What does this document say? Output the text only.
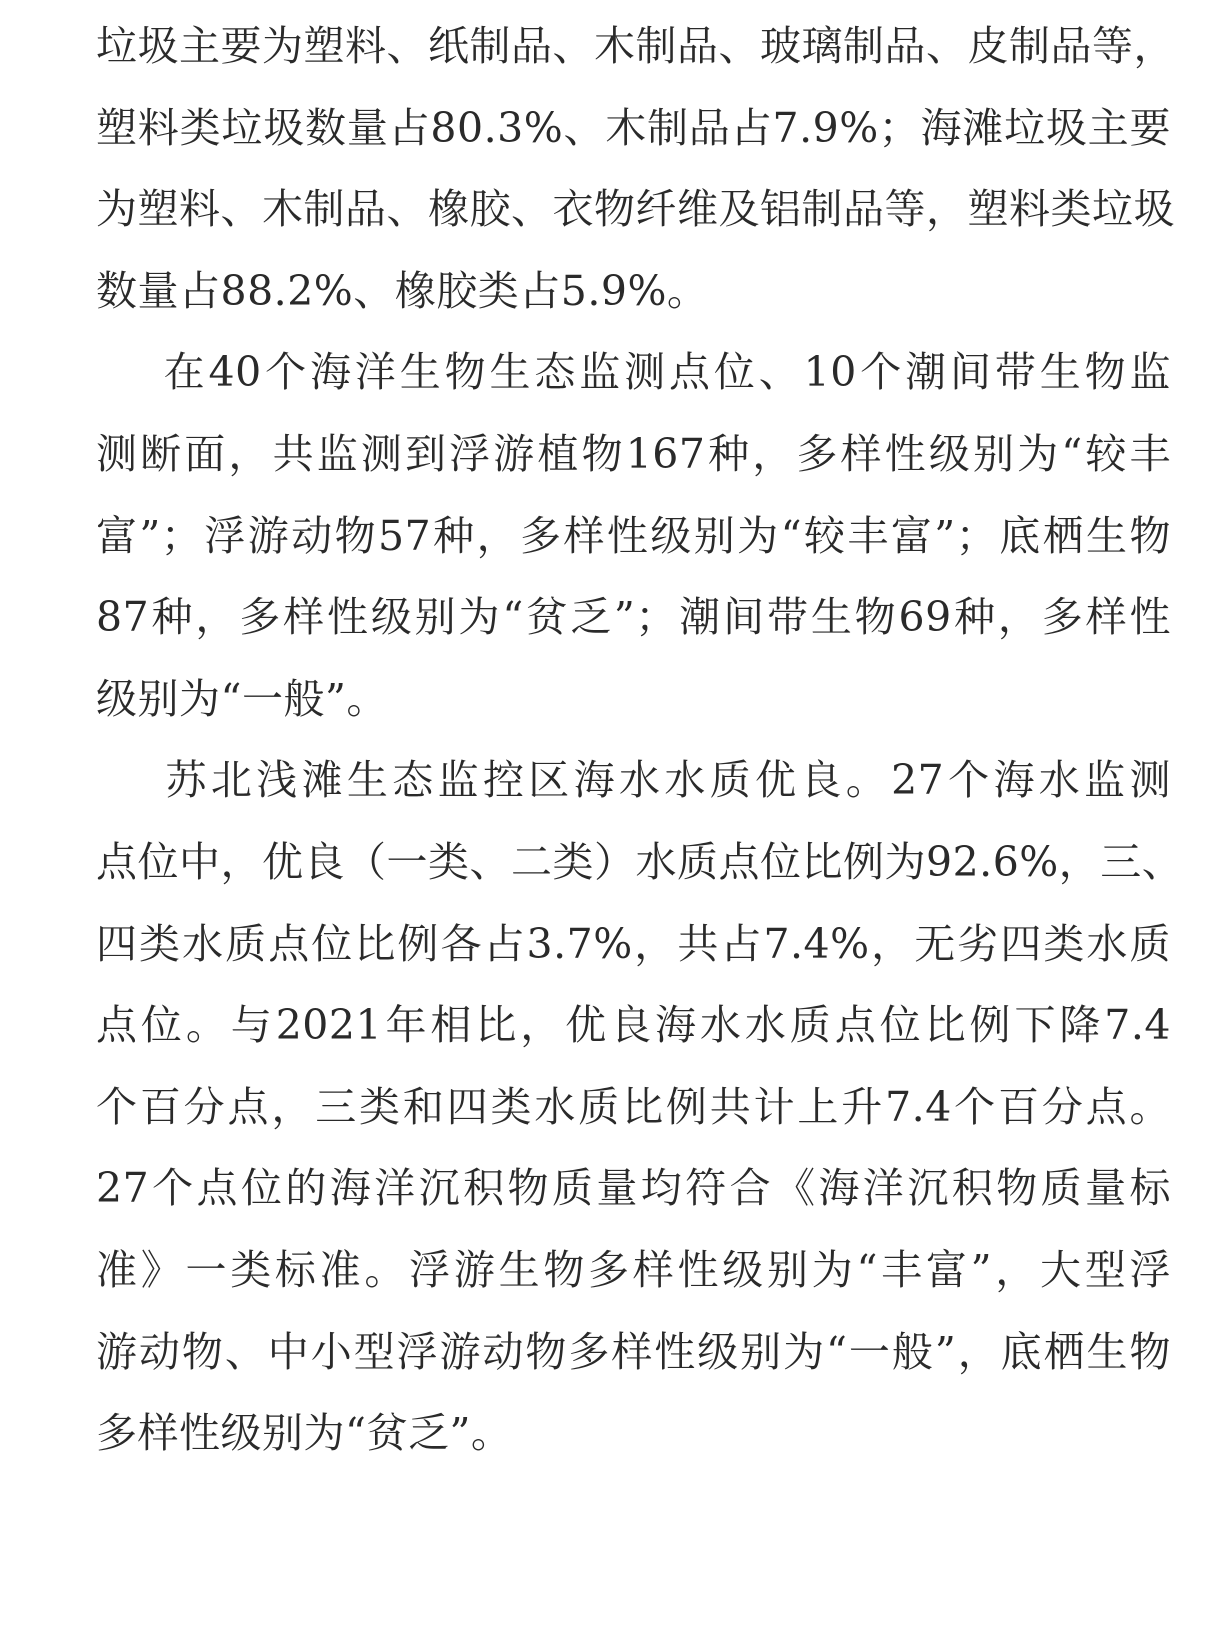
垃圾主要为塑料、纸制品、木制品、玻璃制品、皮制品等，
塑料类垃圾数量占80.3%、木制品占7.9%；海滩垃圾主要
为塑料、木制品、橡胶、衣物纤维及铝制品等，塑料类垃圾
数量占88.2%、橡胶类占5.9%。
在40个海洋生物生态监测点位、10个潮间带生物监
测断面，共监测到浮游植物167种，多样性级别为“较丰
富”；浮游动物57种，多样性级别为“较丰富”；底栖生物
87种，多样性级别为“贫乏”；潮间带生物69种，多样性
级别为“一般”。
苏北浅滩生态监控区海水水质优良。27个海水监测
点位中，优良（一类、二类）水质点位比例为92.6%，三、
四类水质点位比例各占3.7%，共占7.4%，无劣四类水质
点位。与2021年相比，优良海水水质点位比例下降7.4
个百分点，三类和四类水质比例共计上升7.4个百分点。
27个点位的海洋沉积物质量均符合《海洋沉积物质量标
准》一类标准。浮游生物多样性级别为“丰富”，大型浮
游动物、中小型浮游动物多样性级别为“一般”，底栖生物
多样性级别为“贫乏”。
